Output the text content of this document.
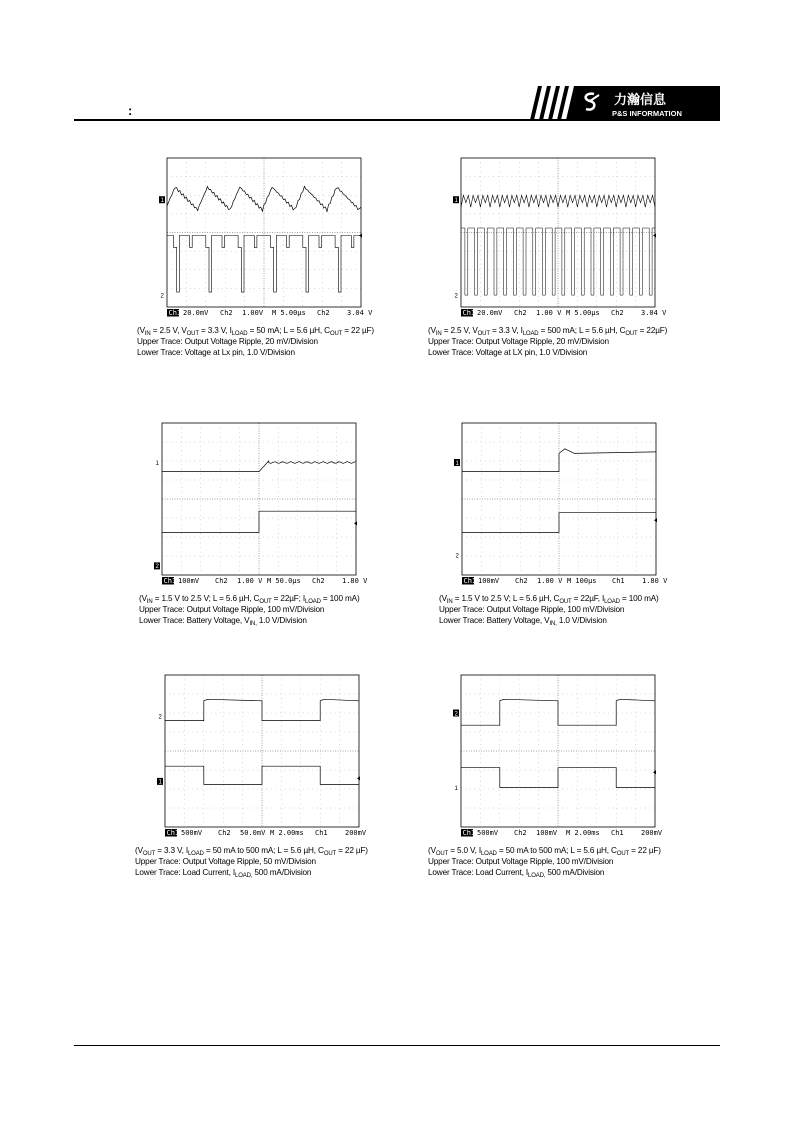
:
力瀚信息
P&S INFORMATION
1
2
Ch1 20.0mV Ch2 1.00V M 5.00µs Ch2 3.04 V
($V_{IN} = 2.5$ V, $V_{OUT} = 3.3$ V, $I_{LOAD} = 50$ mA; L = 5.6 µH, $C_{OUT} = 22$ µF)
Upper Trace: Output Voltage Ripple, 20 mV/Division
Lower Trace: Voltage at Lx pin, 1.0 V/Division
1
2
Ch1 20.0mV Ch2 1.00 V M 5.00µs Ch2 3.04 V
($V_{IN} = 2.5$ V, $V_{OUT} = 3.3$ V, $I_{LOAD} = 500$ mA; L = 5.6 µH, $C_{OUT} = 22\mu F$)
Upper Trace: Output Voltage Ripple, 20 mV/Division
Lower Trace: Voltage at LX pin, 1.0 V/Division
1
2
Ch1 100mV Ch2 1.00 V M 50.0µs Ch2 1.80 V
($V_{IN} = 1.5$ V to 2.5 V; L = 5.6 µH, $C_{OUT} = 22\mu F$; $I_{LOAD} = 100$ mA)
Upper Trace: Output Voltage Ripple, 100 mV/Division
Lower Trace: Battery Voltage, $V_{IN,}$ 1.0 V/Division
1
2
Ch1 100mV Ch2 1.00 V M 100µs Ch1 1.80 V
($V_{IN} = 1.5$ V to 2.5 V; L = 5.6 µH, $C_{OUT} = 22\mu F$, $I_{LOAD} = 100$ mA)
Upper Trace: Output Voltage Ripple, 100 mV/Division
Lower Trace: Battery Voltage, $V_{IN,}$ 1.0 V/Division
1
2
Ch1 500mV Ch2 50.0mV M 2.00ms Ch1 200mV
($V_{OUT} = 3.3$ V, $I_{LOAD} = 50$ mA to 500 mA; L = 5.6 µH, $C_{OUT} = 22$ µF)
Upper Trace: Output Voltage Ripple, 50 mV/Division
Lower Trace: Load Current, $I_{LOAD,}$ 500 mA/Division
1
2
Ch1 500mV Ch2 100mV M 2.00ms Ch1 200mV
($V_{OUT} = 5.0$ V, $I_{LOAD} = 50$ mA to 500 mA; L = 5.6 µH, $C_{OUT} = 22$ µF)
Upper Trace: Output Voltage Ripple, 100 mV/Division
Lower Trace: Load Current, $I_{LOAD,}$ 500 mA/Division
